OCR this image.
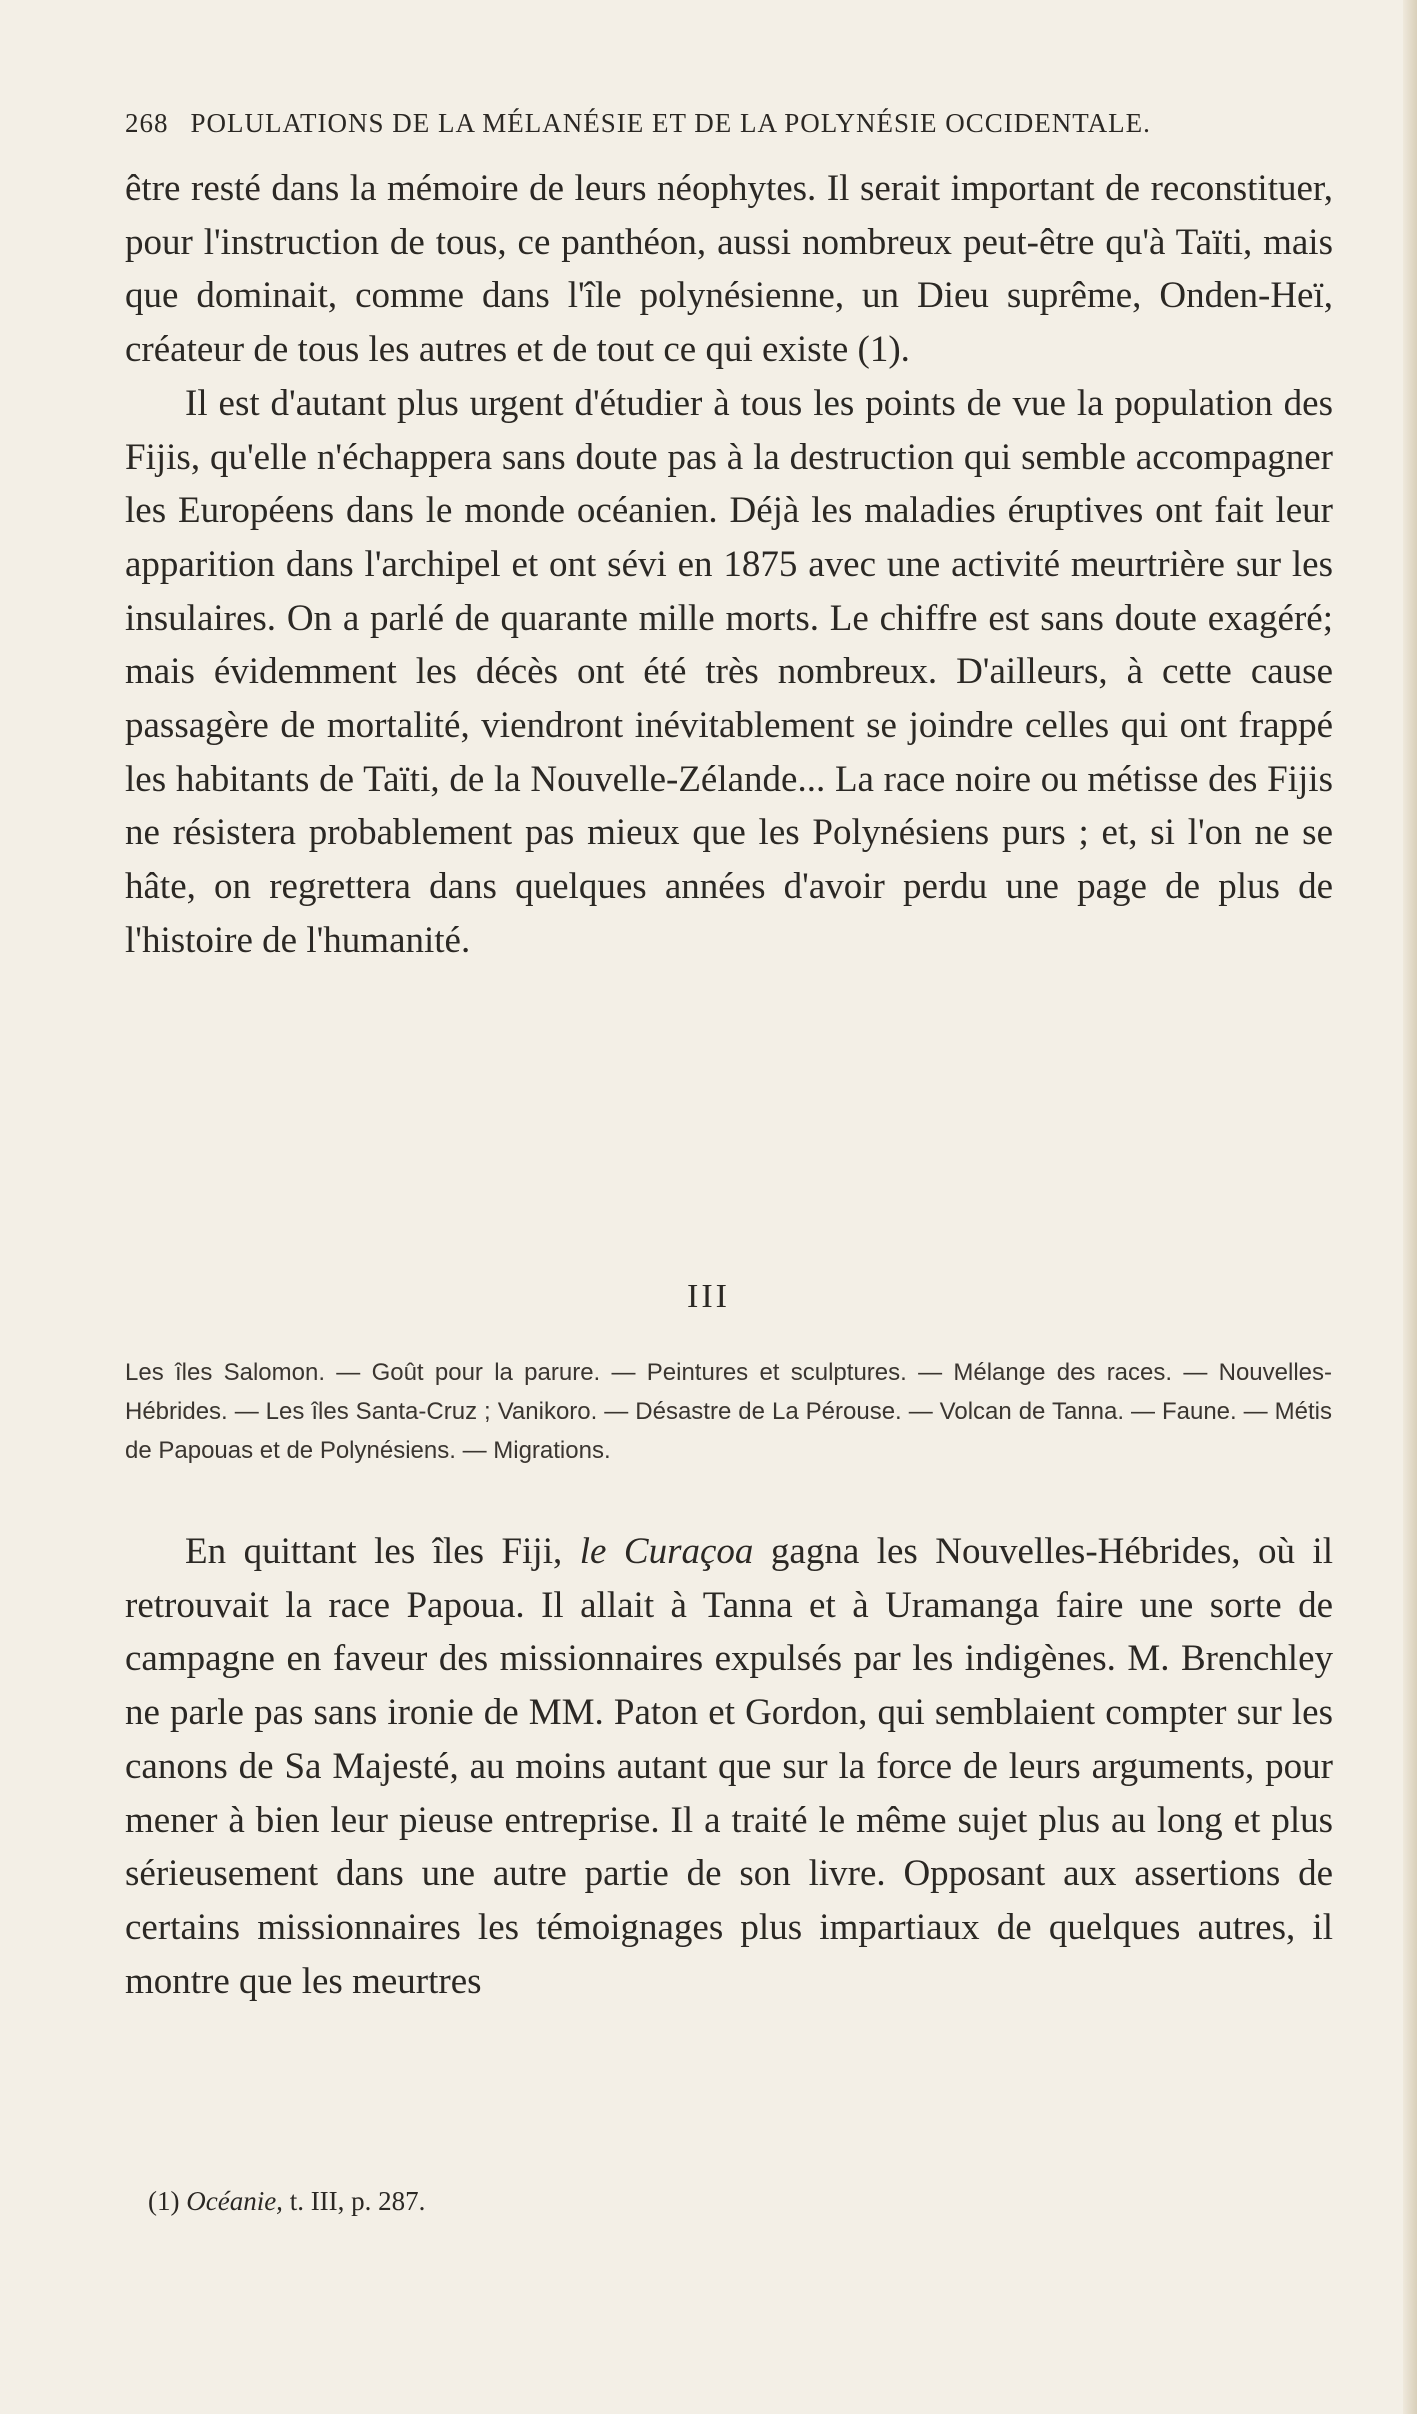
268 POLULATIONS DE LA MÉLANÉSIE ET DE LA POLYNÉSIE OCCIDENTALE.

être resté dans la mémoire de leurs néophytes. Il serait important de reconstituer, pour l'instruction de tous, ce panthéon, aussi nombreux peut-être qu'à Taïti, mais que dominait, comme dans l'île polynésienne, un Dieu suprême, Onden-Heï, créateur de tous les autres et de tout ce qui existe (1).

Il est d'autant plus urgent d'étudier à tous les points de vue la population des Fijis, qu'elle n'échappera sans doute pas à la destruction qui semble accompagner les Européens dans le monde océanien. Déjà les maladies éruptives ont fait leur apparition dans l'archipel et ont sévi en 1875 avec une activité meurtrière sur les insulaires. On a parlé de quarante mille morts. Le chiffre est sans doute exagéré; mais évidemment les décès ont été très nombreux. D'ailleurs, à cette cause passagère de mortalité, viendront inévitablement se joindre celles qui ont frappé les habitants de Taïti, de la Nouvelle-Zélande... La race noire ou métisse des Fijis ne résistera probablement pas mieux que les Polynésiens purs ; et, si l'on ne se hâte, on regrettera dans quelques années d'avoir perdu une page de plus de l'histoire de l'humanité.

III
Les îles Salomon. — Goût pour la parure. — Peintures et sculptures. — Mélange des races. — Nouvelles-Hébrides. — Les îles Santa-Cruz ; Vanikoro. — Désastre de La Pérouse. — Volcan de Tanna. — Faune. — Métis de Papouas et de Polynésiens. — Migrations.

En quittant les îles Fiji, le Curaçoa gagna les Nouvelles-Hébrides, où il retrouvait la race Papoua. Il allait à Tanna et à Uramanga faire une sorte de campagne en faveur des missionnaires expulsés par les indigènes. M. Brenchley ne parle pas sans ironie de MM. Paton et Gordon, qui semblaient compter sur les canons de Sa Majesté, au moins autant que sur la force de leurs arguments, pour mener à bien leur pieuse entreprise. Il a traité le même sujet plus au long et plus sérieusement dans une autre partie de son livre. Opposant aux assertions de certains missionnaires les témoignages plus impartiaux de quelques autres, il montre que les meurtres

(1) Océanie, t. III, p. 287.
